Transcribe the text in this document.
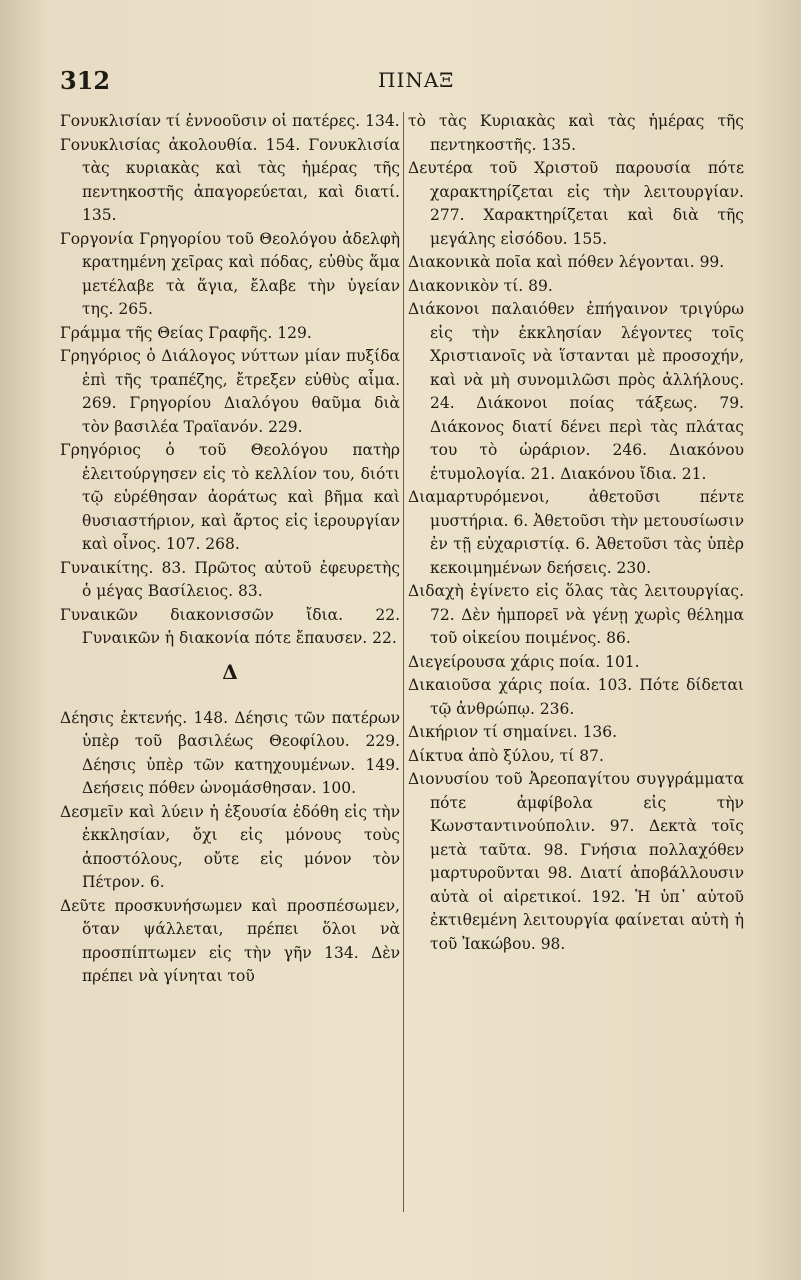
312	ΠΙΝΑΞ

Γονυκλισίαν τί ἐννοοῦσιν οἱ πατέρες. 134.

Γονυκλισίας ἀκολουθία. 154. Γονυκλισία τὰς κυριακὰς καὶ τὰς ἡμέρας τῆς πεντηκοστῆς ἀπαγορεύεται, καὶ διατί. 135.

Γοργονία Γρηγορίου τοῦ Θεολόγου ἀδελφὴ κρατημένη χεῖρας καὶ πόδας, εὐθὺς ἅμα μετέλαβε τὰ ἅγια, ἔλαβε τὴν ὑγείαν της. 265.

Γράμμα τῆς Θείας Γραφῆς. 129.

Γρηγόριος ὁ Διάλογος νύττων μίαν πυξίδα ἐπὶ τῆς τραπέζης, ἔτρεξεν εὐθὺς αἷμα. 269. Γρηγορίου Διαλόγου θαῦμα διὰ τὸν βασιλέα Τραϊανόν. 229.

Γρηγόριος ὁ τοῦ Θεολόγου πατὴρ ἐλειτούργησεν εἰς τὸ κελλίον του, διότι τῷ εὑρέθησαν ἀοράτως καὶ βῆμα καὶ θυσιαστήριον, καὶ ἄρτος εἰς ἱερουργίαν καὶ οἶνος. 107. 268.

Γυναικίτης. 83. Πρῶτος αὐτοῦ ἐφευρετὴς ὁ μέγας Βασίλειος. 83.

Γυναικῶν διακονισσῶν ἴδια. 22. Γυναικῶν ἡ διακονία πότε ἔπαυσεν. 22.

Δ

Δέησις ἐκτενής. 148. Δέησις τῶν πατέρων ὑπὲρ τοῦ βασιλέως Θεοφίλου. 229. Δέησις ὑπὲρ τῶν κατηχουμένων. 149. Δεήσεις πόθεν ὠνομάσθησαν. 100.

Δεσμεῖν καὶ λύειν ἡ ἐξουσία ἐδόθη εἰς τὴν ἐκκλησίαν, ὄχι εἰς μόνους τοὺς ἀποστόλους, οὔτε εἰς μόνον τὸν Πέτρον. 6.

Δεῦτε προσκυνήσωμεν καὶ προσπέσωμεν, ὅταν ψάλλεται, πρέπει ὅλοι νὰ προσπίπτωμεν εἰς τὴν γῆν 134. Δὲν πρέπει νὰ γίνηται τοῦ

τὸ τὰς Κυριακὰς καὶ τὰς ἡμέρας τῆς πεντηκοστῆς. 135.

Δευτέρα τοῦ Χριστοῦ παρουσία πότε χαρακτηρίζεται εἰς τὴν λειτουργίαν. 277. Χαρακτηρίζεται καὶ διὰ τῆς μεγάλης εἰσόδου. 155.

Διακονικὰ ποῖα καὶ πόθεν λέγονται. 99.

Διακονικὸν τί. 89.

Διάκονοι παλαιόθεν ἐπήγαινον τριγύρω εἰς τὴν ἐκκλησίαν λέγοντες τοῖς Χριστιανοῖς νὰ ἵστανται μὲ προσοχήν, καὶ νὰ μὴ συνομιλῶσι πρὸς ἀλλήλους. 24. Διάκονοι ποίας τάξεως. 79. Διάκονος διατί δένει περὶ τὰς πλάτας του τὸ ὠράριον. 246. Διακόνου ἐτυμολογία. 21. Διακόνου ἴδια. 21.

Διαμαρτυρόμενοι, ἀθετοῦσι πέντε μυστήρια. 6. Ἀθετοῦσι τὴν μετουσίωσιν ἐν τῇ εὐχαριστίᾳ. 6. Ἀθετοῦσι τὰς ὑπὲρ κεκοιμημένων δεήσεις. 230.

Διδαχὴ ἐγίνετο εἰς ὅλας τὰς λειτουργίας. 72. Δὲν ἠμπορεῖ νὰ γένῃ χωρὶς θέλημα τοῦ οἰκείου ποιμένος. 86.

Διεγείρουσα χάρις ποία. 101.

Δικαιοῦσα χάρις ποία. 103. Πότε δίδεται τῷ ἀνθρώπῳ. 236.

Δικήριον τί σημαίνει. 136.

Δίκτυα ἀπὸ ξύλου, τί 87.

Διονυσίου τοῦ Ἀρεοπαγίτου συγγράμματα πότε ἀμφίβολα εἰς τὴν Κωνσταντινούπολιν. 97. Δεκτὰ τοῖς μετὰ ταῦτα. 98. Γνήσια πολλαχόθεν μαρτυροῦνται 98. Διατί ἀποβάλλουσιν αὐτὰ οἱ αἱρετικοί. 192. Ἡ ὑπ᾽ αὐτοῦ ἐκτιθεμένη λειτουργία φαίνεται αὐτὴ ἡ τοῦ Ἰακώβου. 98.
